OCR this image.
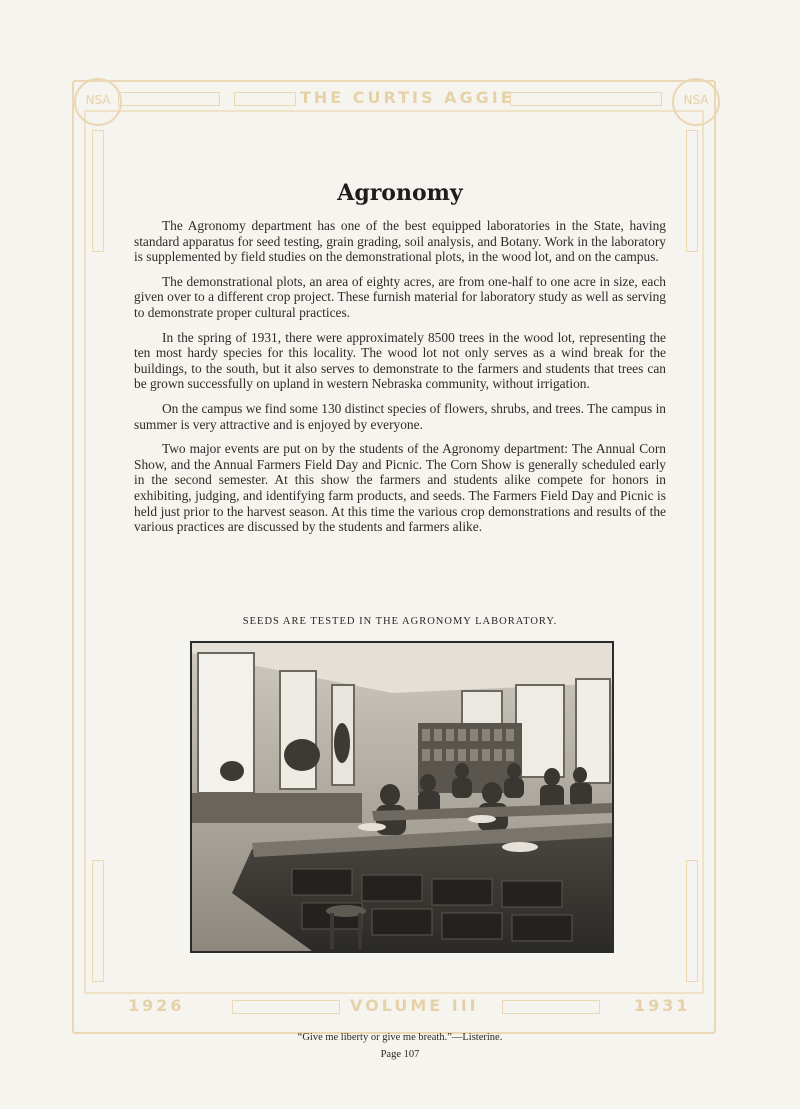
THE CURTIS AGGIE
NSA	NSA
1926	VOLUME III	1931
Agronomy

The Agronomy department has one of the best equipped laboratories in the State, having standard apparatus for seed testing, grain grading, soil analysis, and Botany. Work in the laboratory is supplemented by field studies on the demonstrational plots, in the wood lot, and on the campus.

The demonstrational plots, an area of eighty acres, are from one-half to one acre in size, each given over to a different crop project. These furnish material for laboratory study as well as serving to demonstrate proper cultural practices.

In the spring of 1931, there were approximately 8500 trees in the wood lot, representing the ten most hardy species for this locality. The wood lot not only serves as a wind break for the buildings, to the south, but it also serves to demonstrate to the farmers and students that trees can be grown successfully on upland in western Nebraska community, without irrigation.

On the campus we find some 130 distinct species of flowers, shrubs, and trees. The campus in summer is very attractive and is enjoyed by everyone.

Two major events are put on by the students of the Agronomy department: The Annual Corn Show, and the Annual Farmers Field Day and Picnic. The Corn Show is generally scheduled early in the second semester. At this show the farmers and students alike compete for honors in exhibiting, judging, and identifying farm products, and seeds. The Farmers Field Day and Picnic is held just prior to the harvest season. At this time the various crop demonstrations and results of the various practices are discussed by the students and farmers alike.

SEEDS ARE TESTED IN THE AGRONOMY LABORATORY.
“Give me liberty or give me breath.”—Listerine.
Page 107
